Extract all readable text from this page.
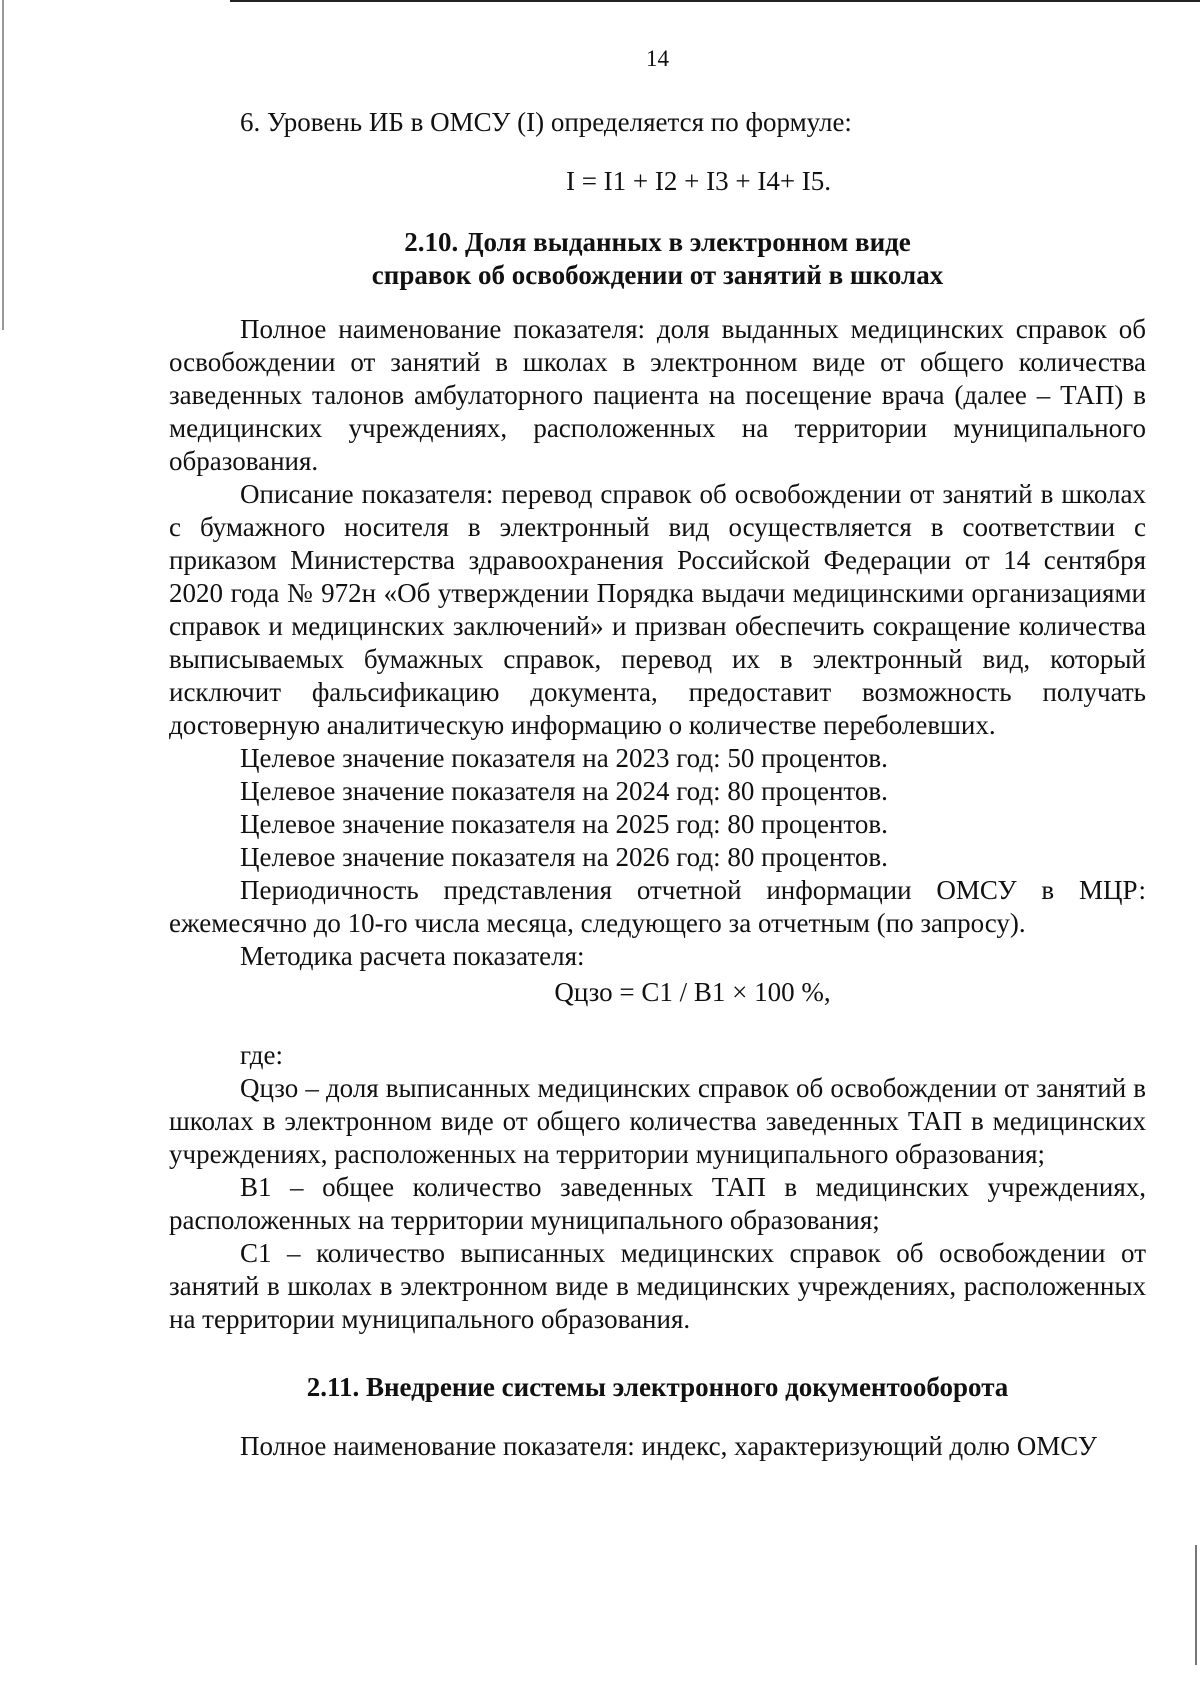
14

6. Уровень ИБ в ОМСУ (I) определяется по формуле:

I = I1 + I2 + I3 + I4+ I5.

2.10. Доля выданных в электронном виде

справок об освобождении от занятий в школах

Полное наименование показателя: доля выданных медицинских справок об освобождении от занятий в школах в электронном виде от общего количества заведенных талонов амбулаторного пациента на посещение врача (далее – ТАП) в медицинских учреждениях, расположенных на территории муниципального образования.

Описание показателя: перевод справок об освобождении от занятий в школах с бумажного носителя в электронный вид осуществляется в соответствии с приказом Министерства здравоохранения Российской Федерации от 14 сентября 2020 года № 972н «Об утверждении Порядка выдачи медицинскими организациями справок и медицинских заключений» и призван обеспечить сокращение количества выписываемых бумажных справок, перевод их в электронный вид, который исключит фальсификацию документа, предоставит возможность получать достоверную аналитическую информацию о количестве переболевших.

Целевое значение показателя на 2023 год: 50 процентов.

Целевое значение показателя на 2024 год: 80 процентов.

Целевое значение показателя на 2025 год: 80 процентов.

Целевое значение показателя на 2026 год: 80 процентов.

Периодичность представления отчетной информации ОМСУ в МЦР: ежемесячно до 10-го числа месяца, следующего за отчетным (по запросу).

Методика расчета показателя:

Qцзо = C1 / B1 × 100 %,

где:

Qцзо – доля выписанных медицинских справок об освобождении от занятий в школах в электронном виде от общего количества заведенных ТАП в медицинских учреждениях, расположенных на территории муниципального образования;

B1 – общее количество заведенных ТАП в медицинских учреждениях, расположенных на территории муниципального образования;

C1 – количество выписанных медицинских справок об освобождении от занятий в школах в электронном виде в медицинских учреждениях, расположенных на территории муниципального образования.

2.11. Внедрение системы электронного документооборота

Полное наименование показателя: индекс, характеризующий долю ОМСУ
